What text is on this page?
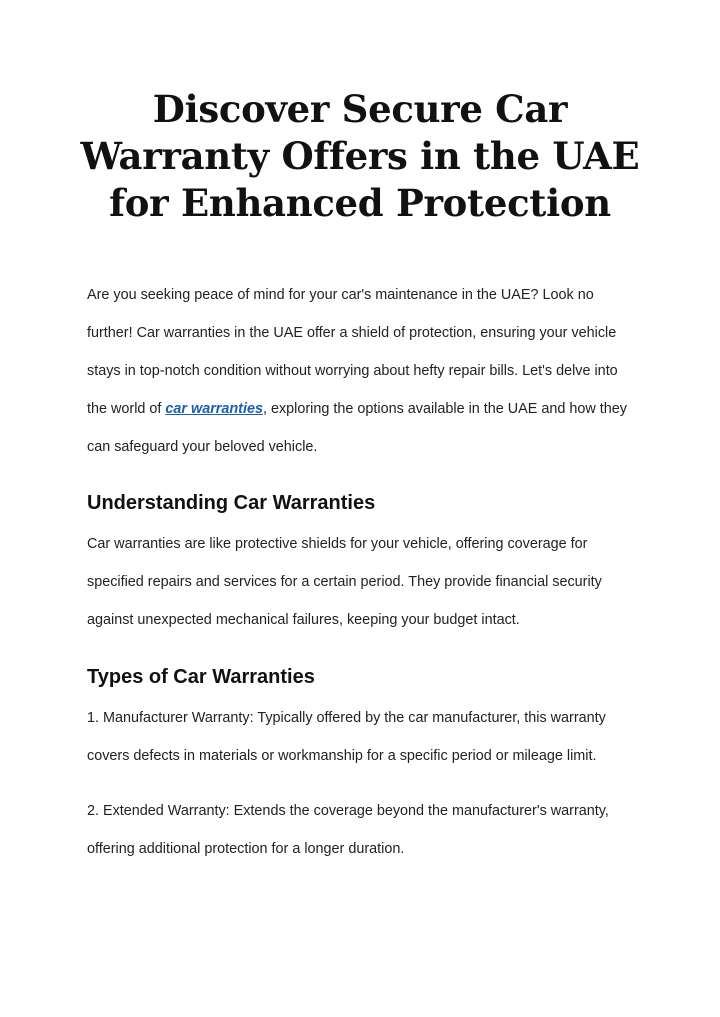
Discover Secure Car
Warranty Offers in the UAE
for Enhanced Protection

Are you seeking peace of mind for your car's maintenance in the UAE? Look no
further! Car warranties in the UAE offer a shield of protection, ensuring your vehicle
stays in top-notch condition without worrying about hefty repair bills. Let's delve into
the world of car warranties, exploring the options available in the UAE and how they
can safeguard your beloved vehicle.

Understanding Car Warranties

Car warranties are like protective shields for your vehicle, offering coverage for
specified repairs and services for a certain period. They provide financial security
against unexpected mechanical failures, keeping your budget intact.

Types of Car Warranties

1. Manufacturer Warranty: Typically offered by the car manufacturer, this warranty
covers defects in materials or workmanship for a specific period or mileage limit.

2. Extended Warranty: Extends the coverage beyond the manufacturer's warranty,
offering additional protection for a longer duration.
